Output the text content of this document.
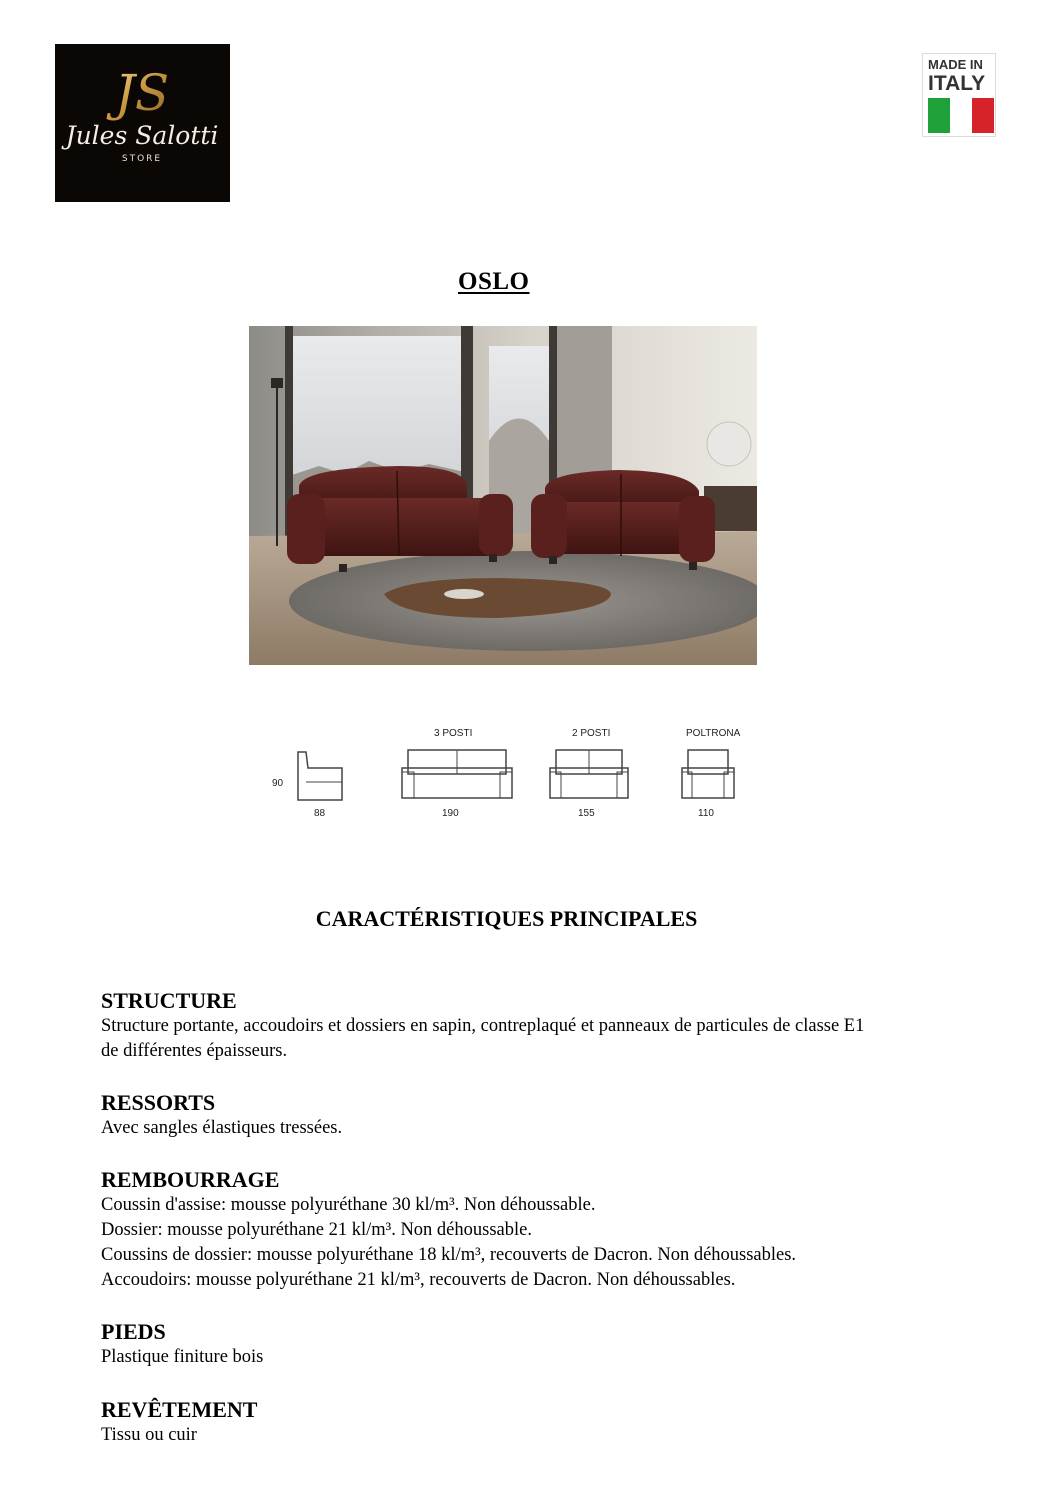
JS
Jules Salotti
STORE
MADE IN
ITALY
OSLO
90
88
3 POSTI
190
2 POSTI
155
POLTRONA
110
CARACTÉRISTIQUES PRINCIPALES
STRUCTURE

Structure portante, accoudoirs et dossiers en sapin, contreplaqué et panneaux de particules de classe E1

de différentes épaisseurs.

RESSORTS

Avec sangles élastiques tressées.

REMBOURRAGE

Coussin d'assise: mousse polyuréthane 30 kl/m³. Non déhoussable.

Dossier: mousse polyuréthane 21 kl/m³. Non déhoussable.

Coussins de dossier: mousse polyuréthane 18 kl/m³, recouverts de Dacron. Non déhoussables.

Accoudoirs: mousse polyuréthane 21 kl/m³, recouverts de Dacron. Non déhoussables.

PIEDS

Plastique finiture bois

REVÊTEMENT

Tissu ou cuir
